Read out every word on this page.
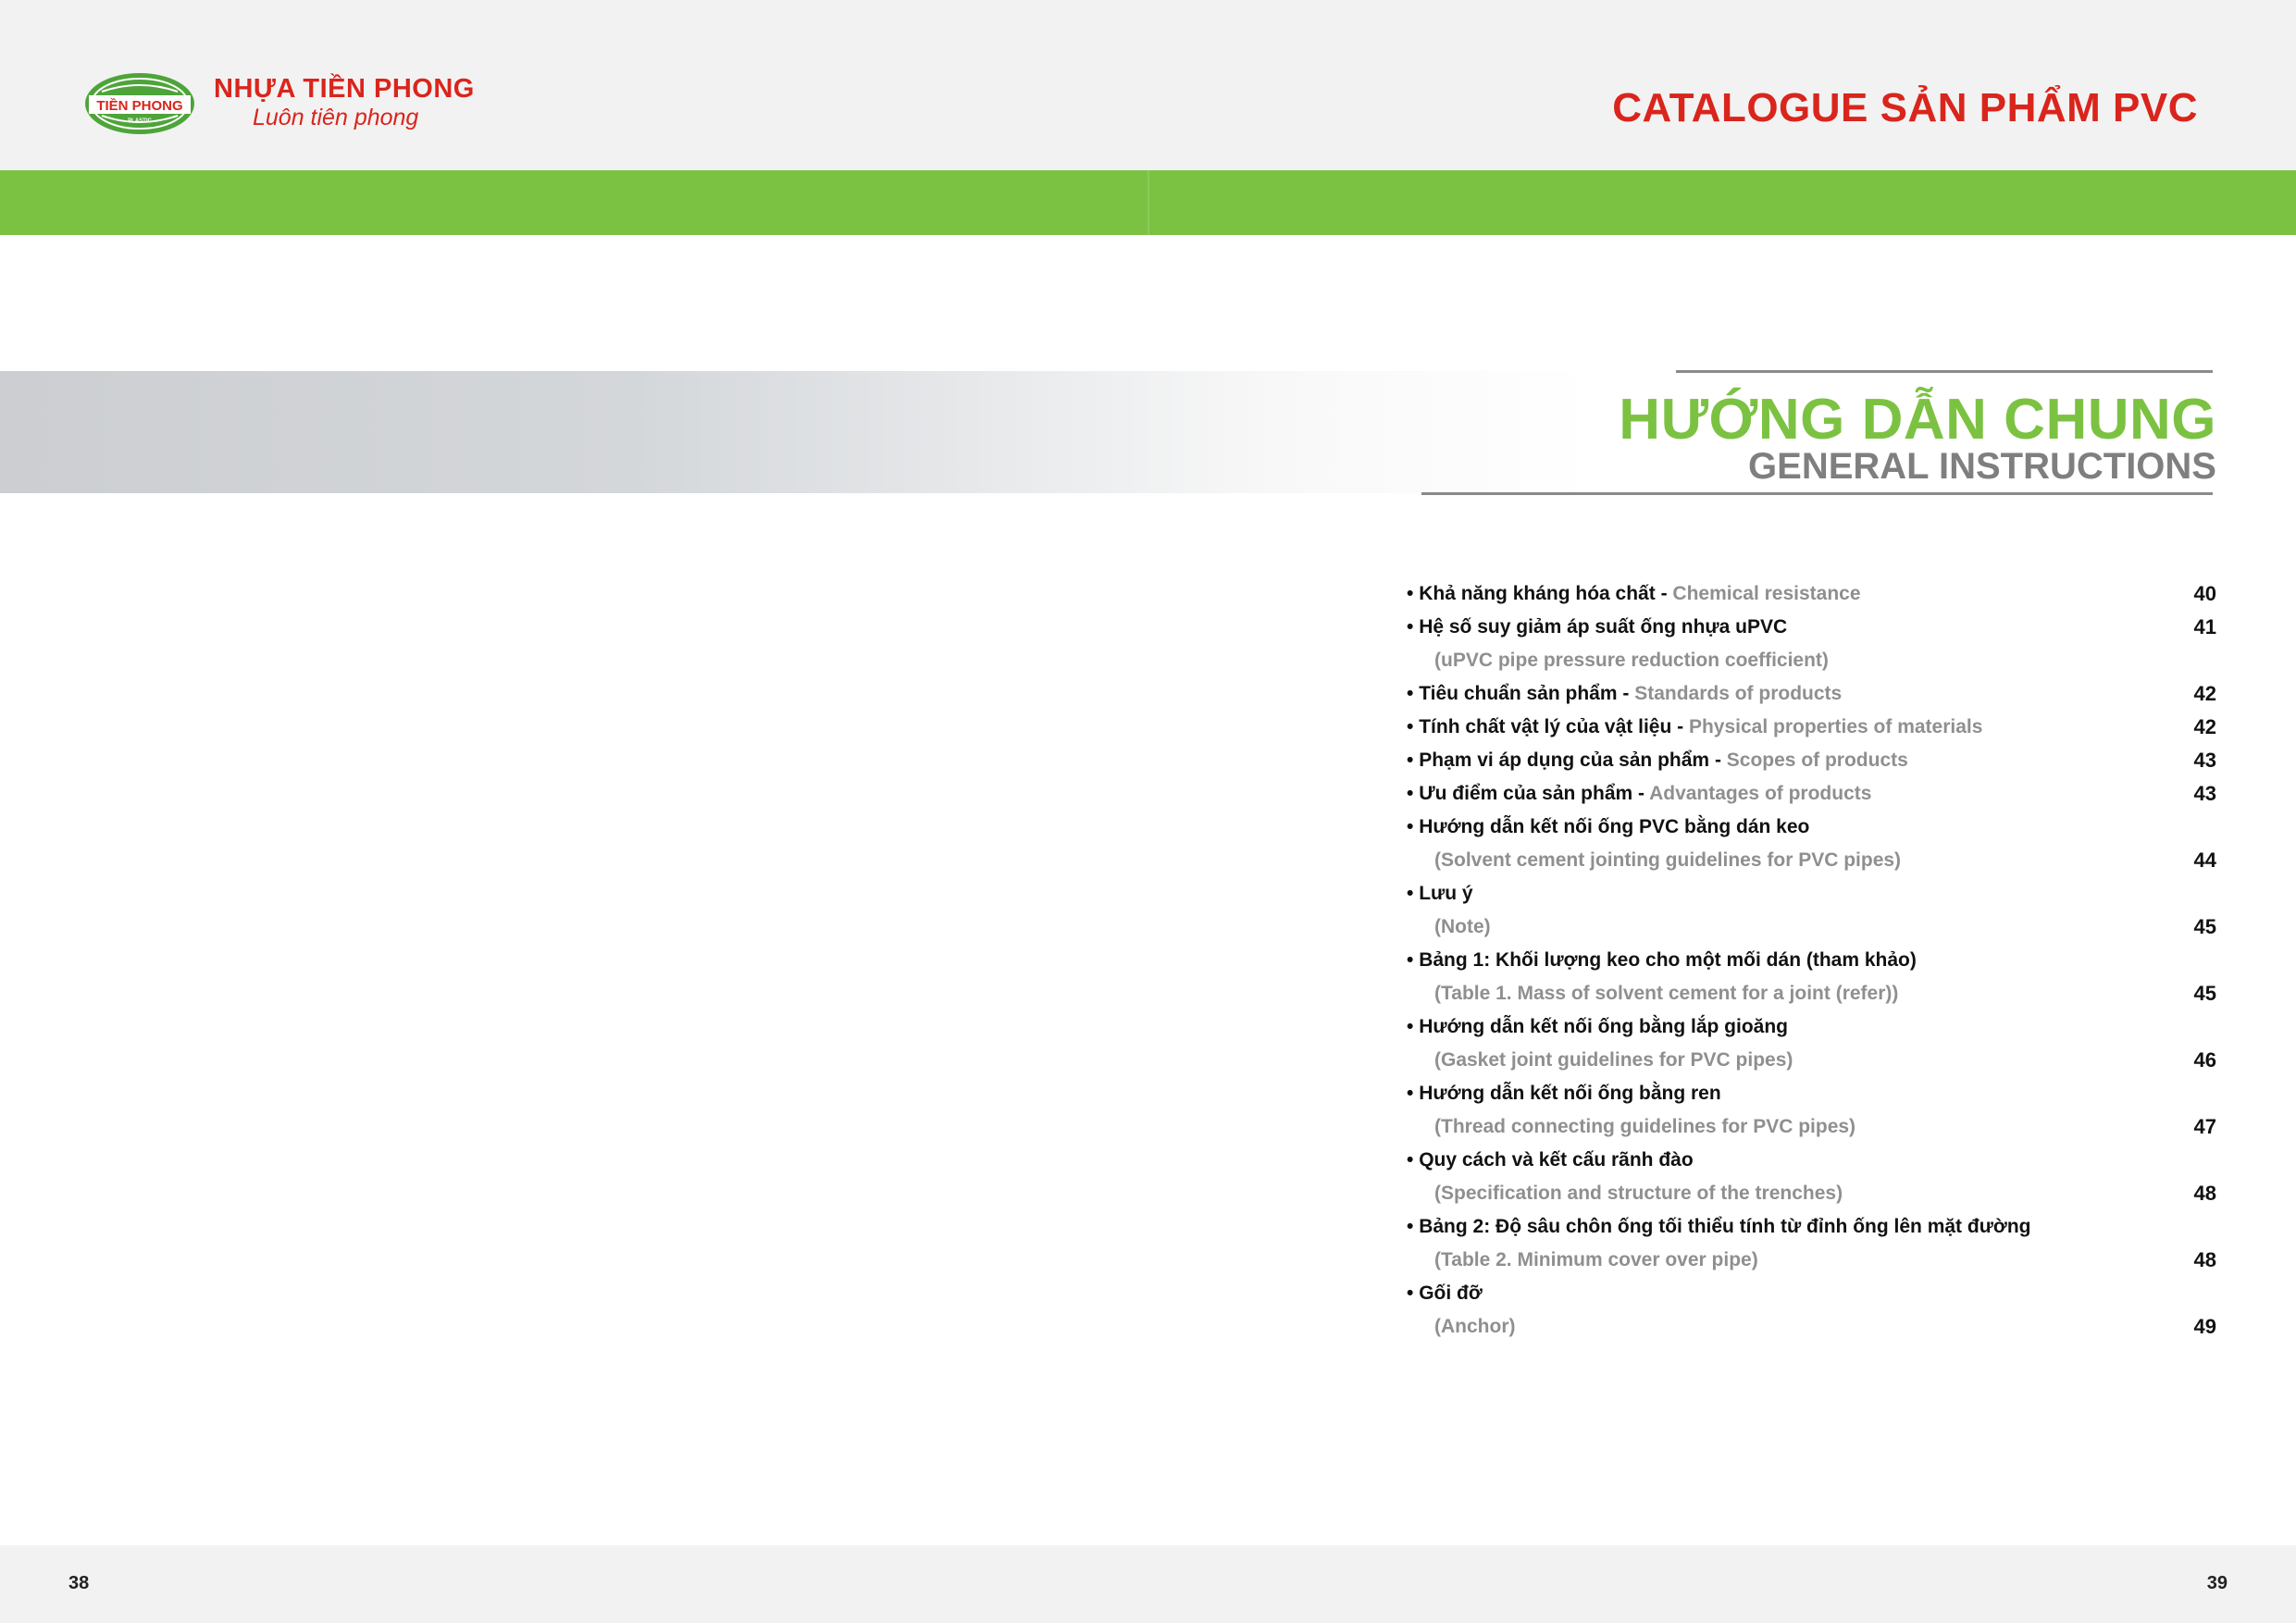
TIỀN PHONG
PLASTIC
NHỰA TIỀN PHONG
Luôn tiên phong	CATALOGUE SẢN PHẨM PVC
HƯỚNG DẪN CHUNG
GENERAL INSTRUCTIONS
• Khả năng kháng hóa chất - Chemical resistance	40
• Hệ số suy giảm áp suất ống nhựa uPVC	41
(uPVC pipe pressure reduction coefficient)
• Tiêu chuẩn sản phẩm - Standards of products	42
• Tính chất vật lý của vật liệu - Physical properties of materials	42
• Phạm vi áp dụng của sản phẩm - Scopes of products	43
• Ưu điểm của sản phẩm - Advantages of products	43
• Hướng dẫn kết nối ống PVC bằng dán keo
(Solvent cement jointing guidelines for PVC pipes)	44
• Lưu ý
(Note)	45
• Bảng 1: Khối lượng keo cho một mối dán (tham khảo)
(Table 1. Mass of solvent cement for a joint (refer))	45
• Hướng dẫn kết nối ống bằng lắp gioăng
(Gasket joint guidelines for PVC pipes)	46
• Hướng dẫn kết nối ống bằng ren
(Thread connecting guidelines for PVC pipes)	47
• Quy cách và kết cấu rãnh đào
(Specification and structure of the trenches)	48
• Bảng 2: Độ sâu chôn ống tối thiểu tính từ đỉnh ống lên mặt đường
(Table 2. Minimum cover over pipe)	48
• Gối đỡ
(Anchor)	49
38	39
